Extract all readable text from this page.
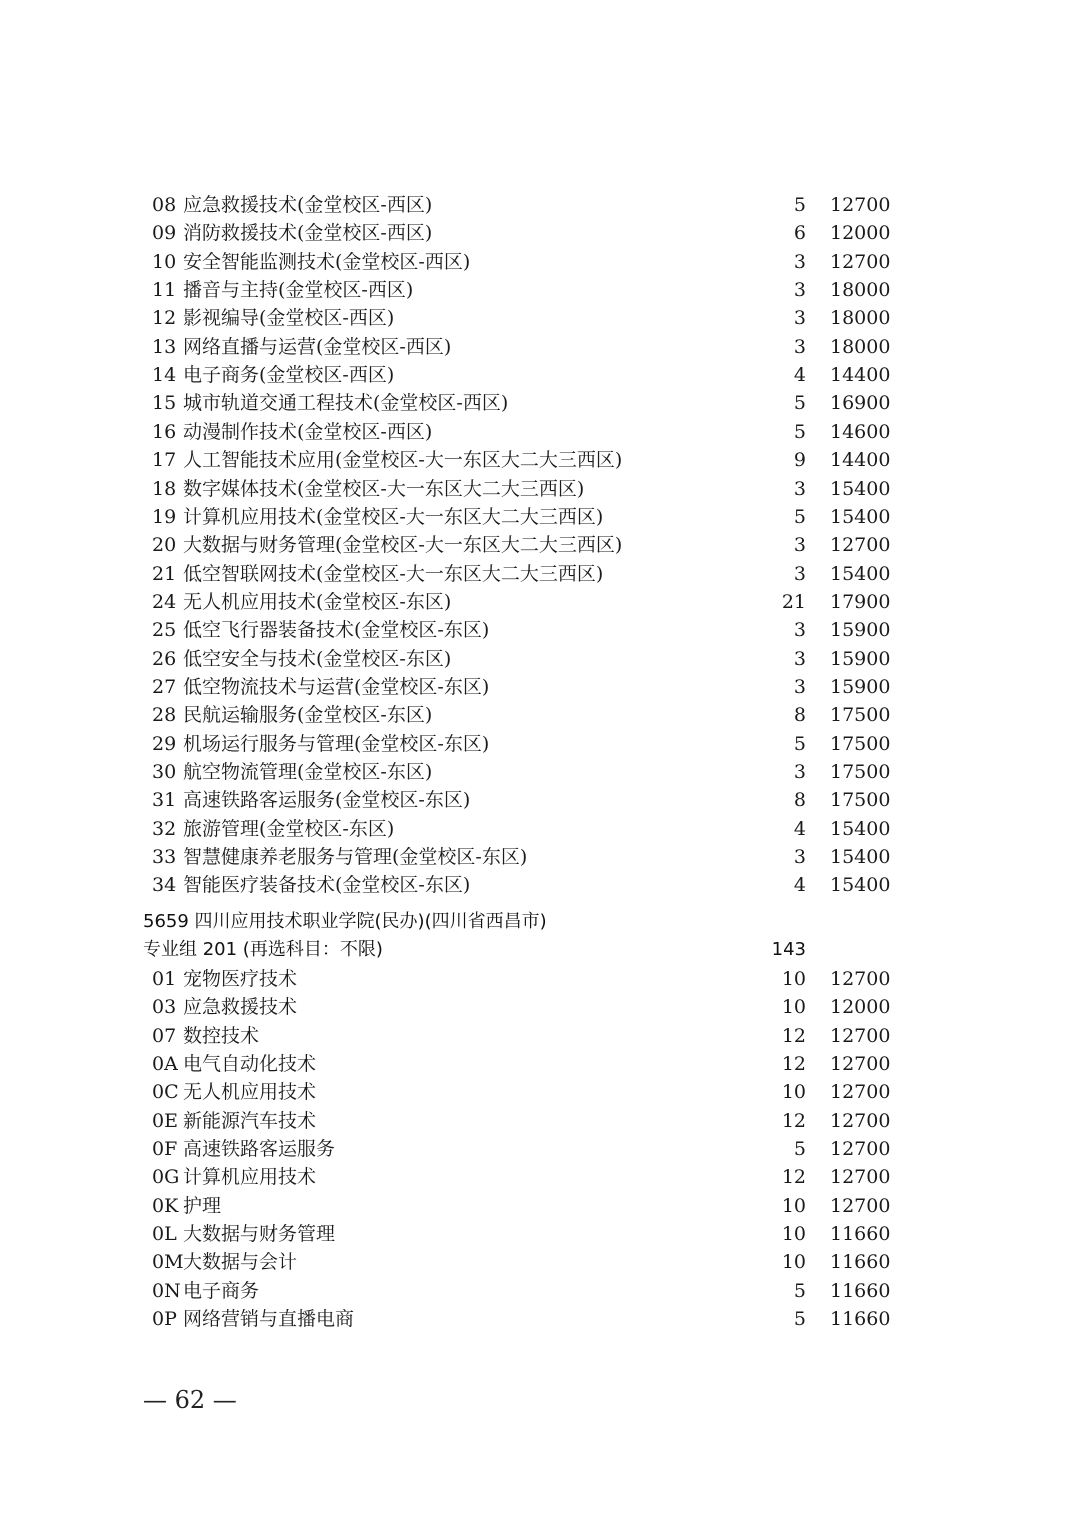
08 应急救援技术(金堂校区-西区)	5 12700
09 消防救援技术(金堂校区-西区)	6 12000
10 安全智能监测技术(金堂校区-西区)	3 12700
11 播音与主持(金堂校区-西区)	3 18000
12 影视编导(金堂校区-西区)	3 18000
13 网络直播与运营(金堂校区-西区)	3 18000
14 电子商务(金堂校区-西区)	4 14400
15 城市轨道交通工程技术(金堂校区-西区)	5 16900
16 动漫制作技术(金堂校区-西区)	5 14600
17 人工智能技术应用(金堂校区-大一东区大二大三西区)	9 14400
18 数字媒体技术(金堂校区-大一东区大二大三西区)	3 15400
19 计算机应用技术(金堂校区-大一东区大二大三西区)	5 15400
20 大数据与财务管理(金堂校区-大一东区大二大三西区)	3 12700
21 低空智联网技术(金堂校区-大一东区大二大三西区)	3 15400
24 无人机应用技术(金堂校区-东区)	21 17900
25 低空飞行器装备技术(金堂校区-东区)	3 15900
26 低空安全与技术(金堂校区-东区)	3 15900
27 低空物流技术与运营(金堂校区-东区)	3 15900
28 民航运输服务(金堂校区-东区)	8 17500
29 机场运行服务与管理(金堂校区-东区)	5 17500
30 航空物流管理(金堂校区-东区)	3 17500
31 高速铁路客运服务(金堂校区-东区)	8 17500
32 旅游管理(金堂校区-东区)	4 15400
33 智慧健康养老服务与管理(金堂校区-东区)	3 15400
34 智能医疗装备技术(金堂校区-东区)	4 15400
5659 四川应用技术职业学院(民办)(四川省西昌市)
专业组 201 (再选科目：不限)	143
01 宠物医疗技术	10 12700
03 应急救援技术	10 12000
07 数控技术	12 12700
0A 电气自动化技术	12 12700
0C 无人机应用技术	10 12700
0E 新能源汽车技术	12 12700
0F 高速铁路客运服务	5 12700
0G 计算机应用技术	12 12700
0K 护理	10 12700
0L 大数据与财务管理	10 11660
0M 大数据与会计	10 11660
0N 电子商务	5 11660
0P 网络营销与直播电商	5 11660
— 62 —
